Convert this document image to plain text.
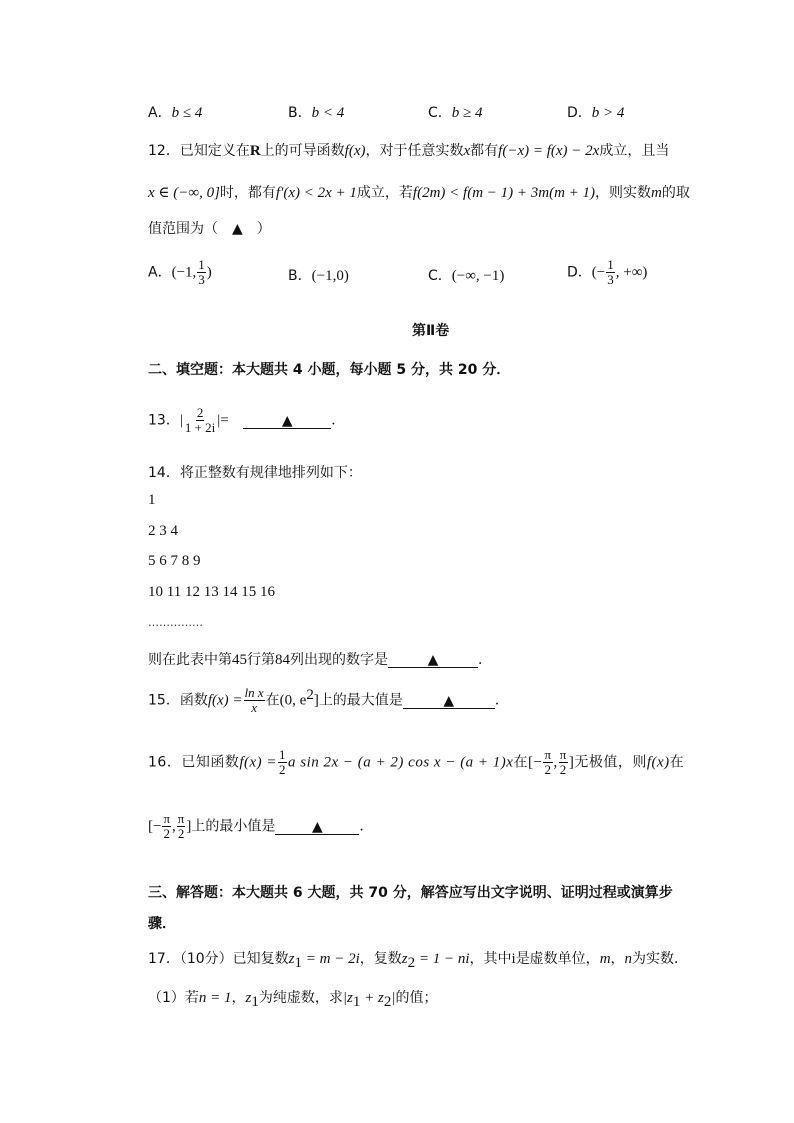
A．b ≤ 4	B．b < 4	C．b ≥ 4	D．b > 4
12．已知定义在R上的可导函数f(x)，对于任意实数x都有f(−x) = f(x) − 2x成立，且当
x ∈ (−∞, 0]时，都有f′(x) < 2x + 1成立，若f(2m) < f(m − 1) + 3m(m + 1)，则实数m的取
值范围为（　▲　）
A．(−1, $\frac{1}{3}$ )	B．(−1,0)	C．(−∞, −1)	D．(− $\frac{1}{3}$ , +∞)
第Ⅱ卷
二、填空题：本大题共 4 小题，每小题 5 分，共 20 分．
13．| $\frac{2}{1 + 2i}$ |=	▲	．
14．将正整数有规律地排列如下：
1
2 3 4
5 6 7 8 9
10 11 12 13 14 15 16
……………
则在此表中第45行第84列出现的数字是	▲	．
15．函数$f(x) = \frac{\text{ln x}}{x}$ 在(0, $e^2$]上的最大值是	▲	．
16．已知函数$f(x) = \frac{1}{2}$ a sin 2x − (a + 2) cos x − (a + 1)x在[− $\frac{\pi}{2}$ , $\frac{\pi}{2}$ ]无极值，则f(x)在
[− $\frac{\pi}{2}$ , $\frac{\pi}{2}$ ]上的最小值是	▲	．
三、解答题：本大题共 6 大题，共 70 分，解答应写出文字说明、证明过程或演算步
骤．
17．（10分）已知复数$z_1 = m - 2i$，复数$z_2 = 1$ − ni，其中i是虚数单位，m，n为实数．
（1）若n = 1，$z_1$为纯虚数，求$|z_1 + z_2|$的值；
